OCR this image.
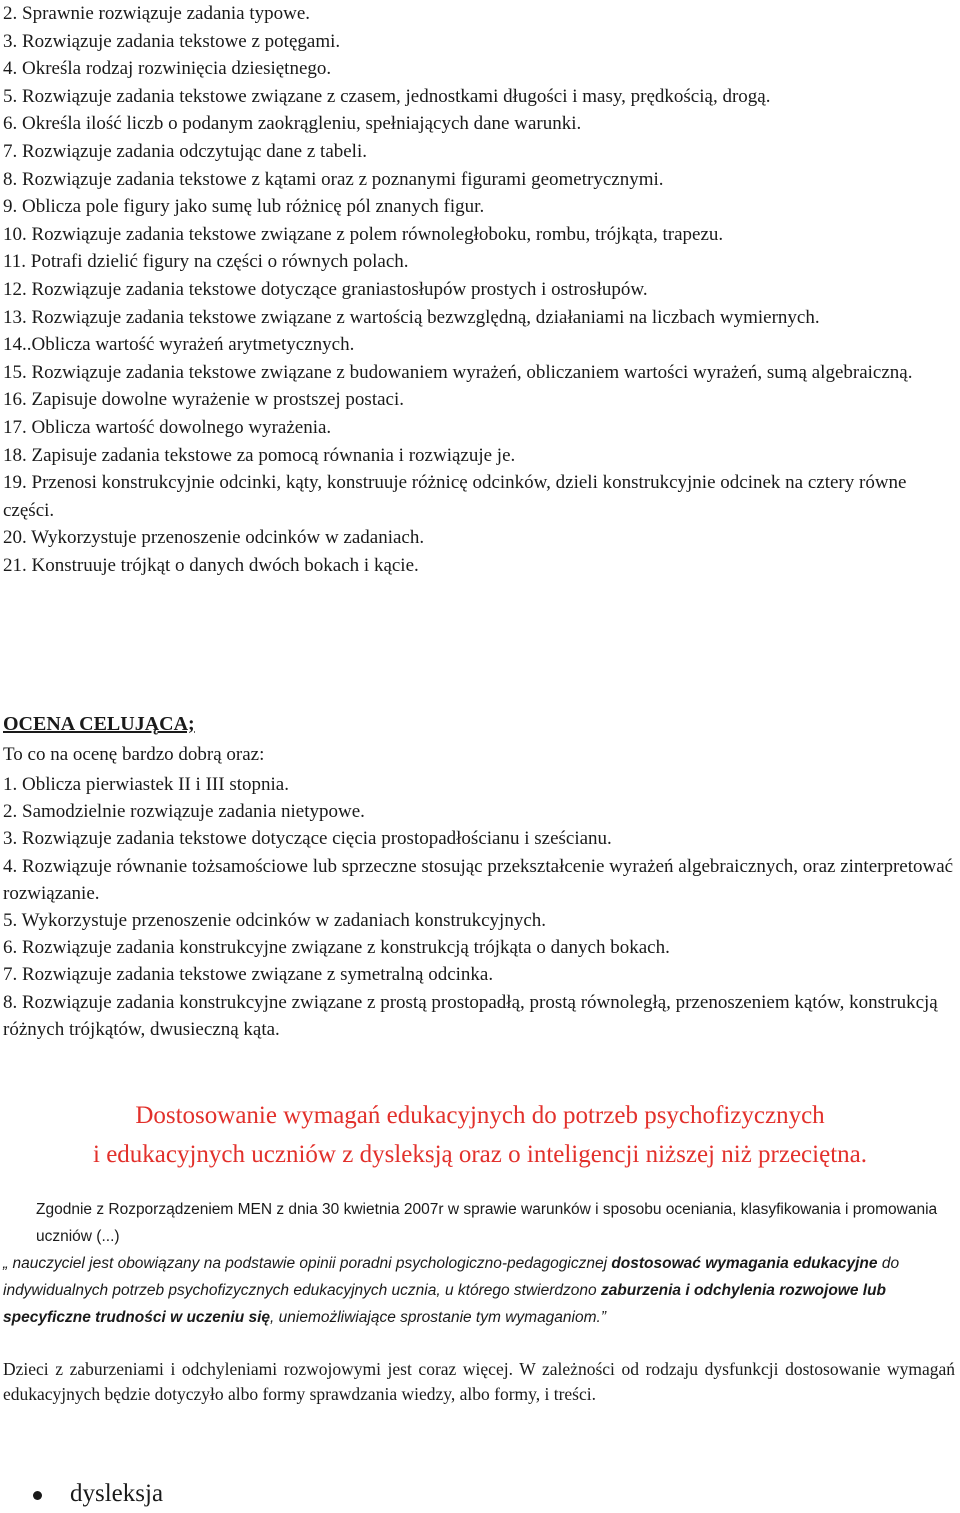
2. Sprawnie rozwiązuje zadania typowe.
3. Rozwiązuje zadania tekstowe z potęgami.
4. Określa rodzaj rozwinięcia dziesiętnego.
5. Rozwiązuje zadania tekstowe związane z czasem, jednostkami długości i masy, prędkością, drogą.
6. Określa ilość liczb o podanym zaokrągleniu, spełniających dane warunki.
7. Rozwiązuje zadania odczytując dane z tabeli.
8. Rozwiązuje zadania tekstowe z kątami oraz z poznanymi figurami geometrycznymi.
9. Oblicza pole figury jako sumę lub różnicę pól znanych figur.
10. Rozwiązuje zadania tekstowe związane z polem równoległoboku, rombu, trójkąta, trapezu.
11. Potrafi dzielić figury na części o równych polach.
12. Rozwiązuje zadania tekstowe dotyczące graniastosłupów prostych i ostrosłupów.
13. Rozwiązuje zadania tekstowe związane z wartością bezwzględną, działaniami na liczbach wymiernych.
14..Oblicza wartość wyrażeń arytmetycznych.
15. Rozwiązuje zadania tekstowe związane z budowaniem wyrażeń, obliczaniem wartości wyrażeń, sumą algebraiczną.
16. Zapisuje dowolne wyrażenie w prostszej postaci.
17. Oblicza wartość dowolnego wyrażenia.
18. Zapisuje zadania tekstowe za pomocą równania i rozwiązuje je.
19. Przenosi konstrukcyjnie odcinki, kąty, konstruuje różnicę odcinków, dzieli konstrukcyjnie odcinek na cztery równe części.
20. Wykorzystuje przenoszenie odcinków w zadaniach.
21. Konstruuje trójkąt o danych dwóch bokach i kącie.
OCENA CELUJĄCA;
To co na ocenę bardzo dobrą oraz:
1. Oblicza pierwiastek II i III stopnia.
2. Samodzielnie rozwiązuje zadania nietypowe.
3. Rozwiązuje zadania tekstowe dotyczące cięcia prostopadłościanu i sześcianu.
4. Rozwiązuje równanie tożsamościowe lub sprzeczne stosując przekształcenie wyrażeń algebraicznych, oraz zinterpretować rozwiązanie.
5. Wykorzystuje przenoszenie odcinków w zadaniach konstrukcyjnych.
6. Rozwiązuje zadania konstrukcyjne związane z konstrukcją trójkąta o danych bokach.
7. Rozwiązuje zadania tekstowe związane z symetralną odcinka.
8. Rozwiązuje zadania konstrukcyjne związane z prostą prostopadłą, prostą równoległą, przenoszeniem kątów, konstrukcją różnych trójkątów, dwusieczną kąta.
Dostosowanie wymagań edukacyjnych do potrzeb psychofizycznych
i edukacyjnych uczniów z dysleksją oraz o inteligencji niższej niż przeciętna.
Zgodnie z Rozporządzeniem MEN z dnia 30 kwietnia 2007r w sprawie warunków i sposobu oceniania, klasyfikowania i promowania uczniów (...)„ nauczyciel jest obowiązany na podstawie opinii poradni psychologiczno-pedagogicznej dostosować wymagania edukacyjne do indywidualnych potrzeb psychofizycznych edukacyjnych ucznia, u którego stwierdzono zaburzenia i odchylenia rozwojowe lub specyficzne trudności w uczeniu się, uniemożliwiające sprostanie tym wymaganiom.”
Dzieci z zaburzeniami i odchyleniami rozwojowymi jest coraz więcej. W zależności od rodzaju dysfunkcji dostosowanie wymagań edukacyjnych będzie dotyczyło albo formy sprawdzania wiedzy, albo formy, i treści.
dysleksja
